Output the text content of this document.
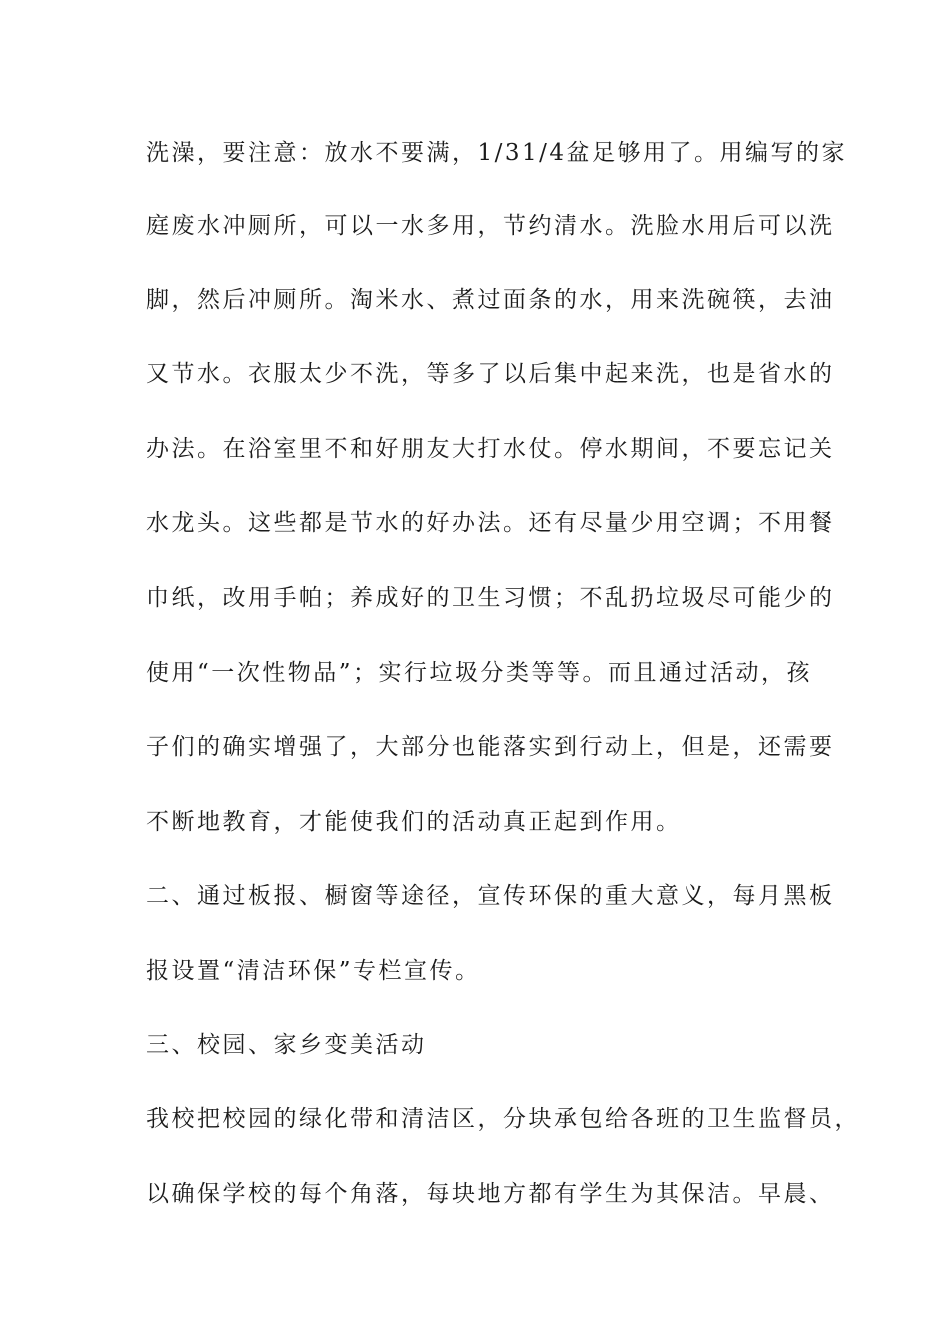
洗澡，要注意：放水不要满，1/31/4盆足够用了。用编写的家
庭废水冲厕所，可以一水多用，节约清水。洗脸水用后可以洗
脚，然后冲厕所。淘米水、煮过面条的水，用来洗碗筷，去油
又节水。衣服太少不洗，等多了以后集中起来洗，也是省水的
办法。在浴室里不和好朋友大打水仗。停水期间，不要忘记关
水龙头。这些都是节水的好办法。还有尽量少用空调；不用餐
巾纸，改用手帕；养成好的卫生习惯；不乱扔垃圾尽可能少的
使用“一次性物品”；实行垃圾分类等等。而且通过活动，孩
子们的确实增强了，大部分也能落实到行动上，但是，还需要
不断地教育，才能使我们的活动真正起到作用。
二、通过板报、橱窗等途径，宣传环保的重大意义，每月黑板
报设置“清洁环保”专栏宣传。
三、校园、家乡变美活动
我校把校园的绿化带和清洁区，分块承包给各班的卫生监督员，
以确保学校的每个角落，每块地方都有学生为其保洁。早晨、
